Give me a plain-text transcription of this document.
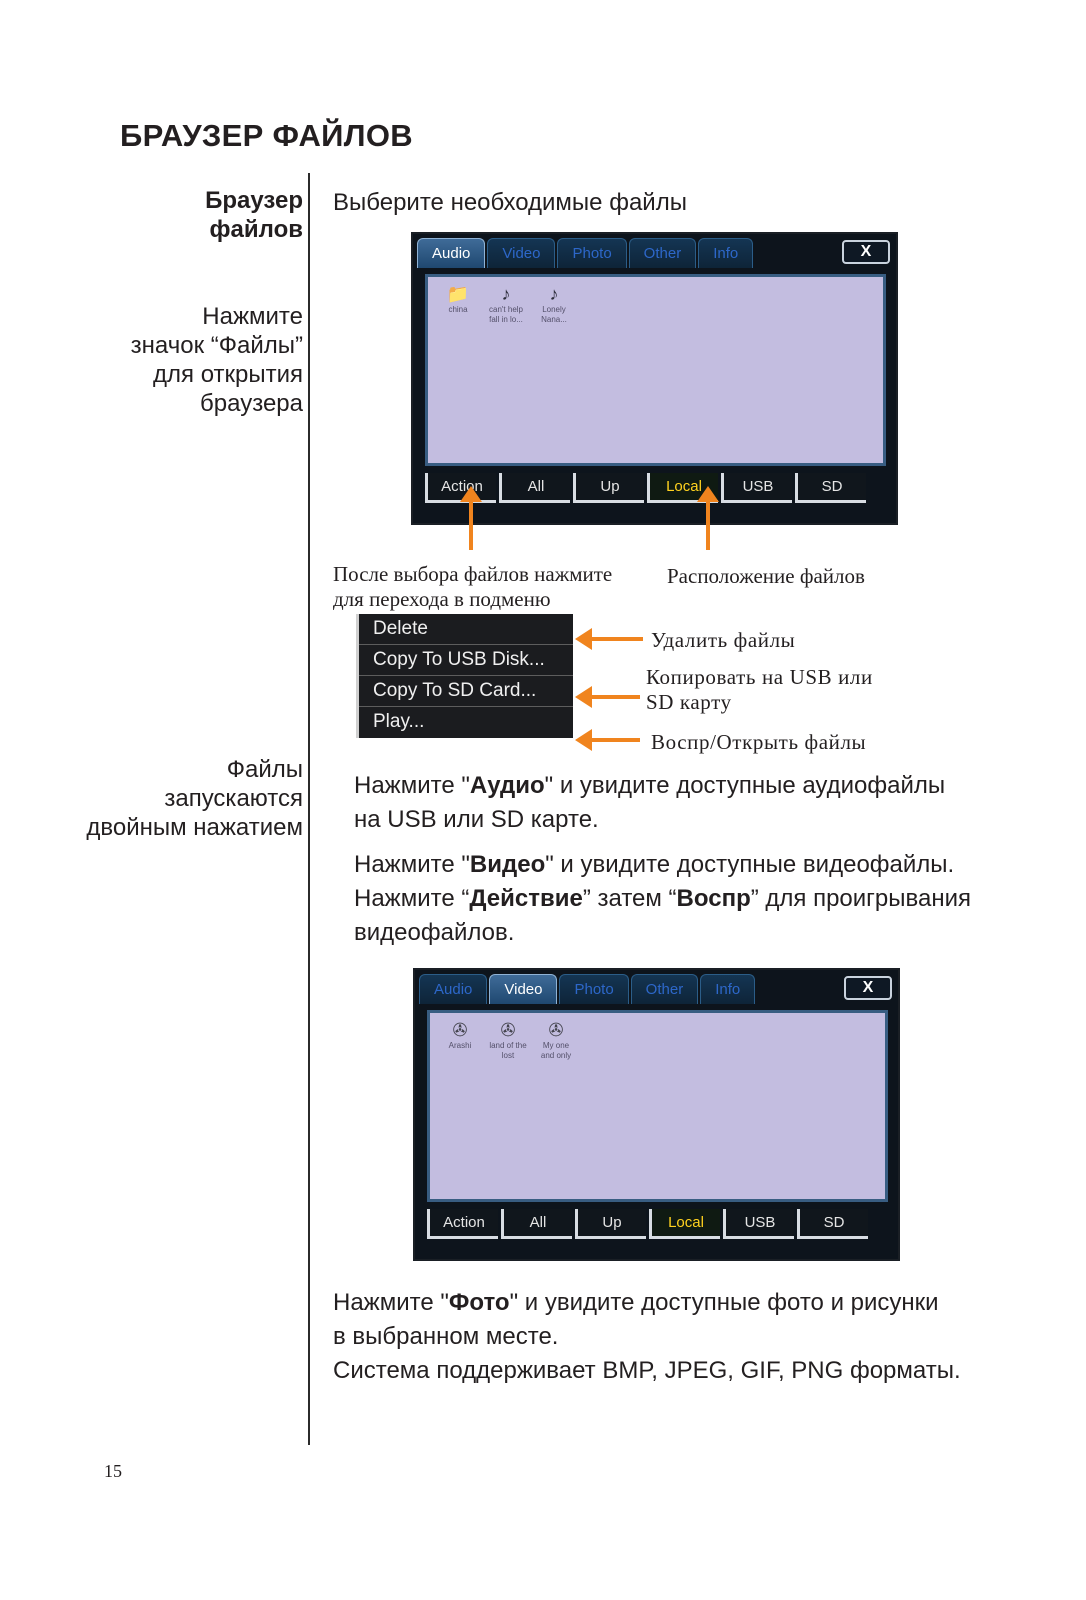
БРАУЗЕР ФАЙЛОВ
Браузер
файлов
Нажмите
значок “Файлы”
для открытия
браузера
Файлы
запускаются
двойным нажатием
Выберите необходимые файлы
Audio	Video	Photo	Other	Info	X
📁
china
♪
can't help fall in lo...
♪
Lonely Nana...
Action	All	Up	Local	USB	SD
После выбора файлов нажмите
для перехода в подменю
Расположение файлов
Delete
Copy To USB Disk...
Copy To SD Card...
Play...
Удалить файлы
Копировать на USB или
SD карту
Воспр/Открыть файлы
Нажмите "Аудио" и увидите доступные аудиофайлы
на USB или SD карте.
Нажмите "Видео" и увидите доступные видеофайлы.
Нажмите “Действие” затем “Воспр” для проигрывания
видеофайлов.
Audio	Video	Photo	Other	Info	X
✇
Arashi
✇
land of the lost
✇
My one and only
Action	All	Up	Local	USB	SD
Нажмите "Фото" и увидите доступные фото и рисунки
в выбранном месте.
Система поддерживает BMP, JPEG, GIF, PNG форматы.
15
